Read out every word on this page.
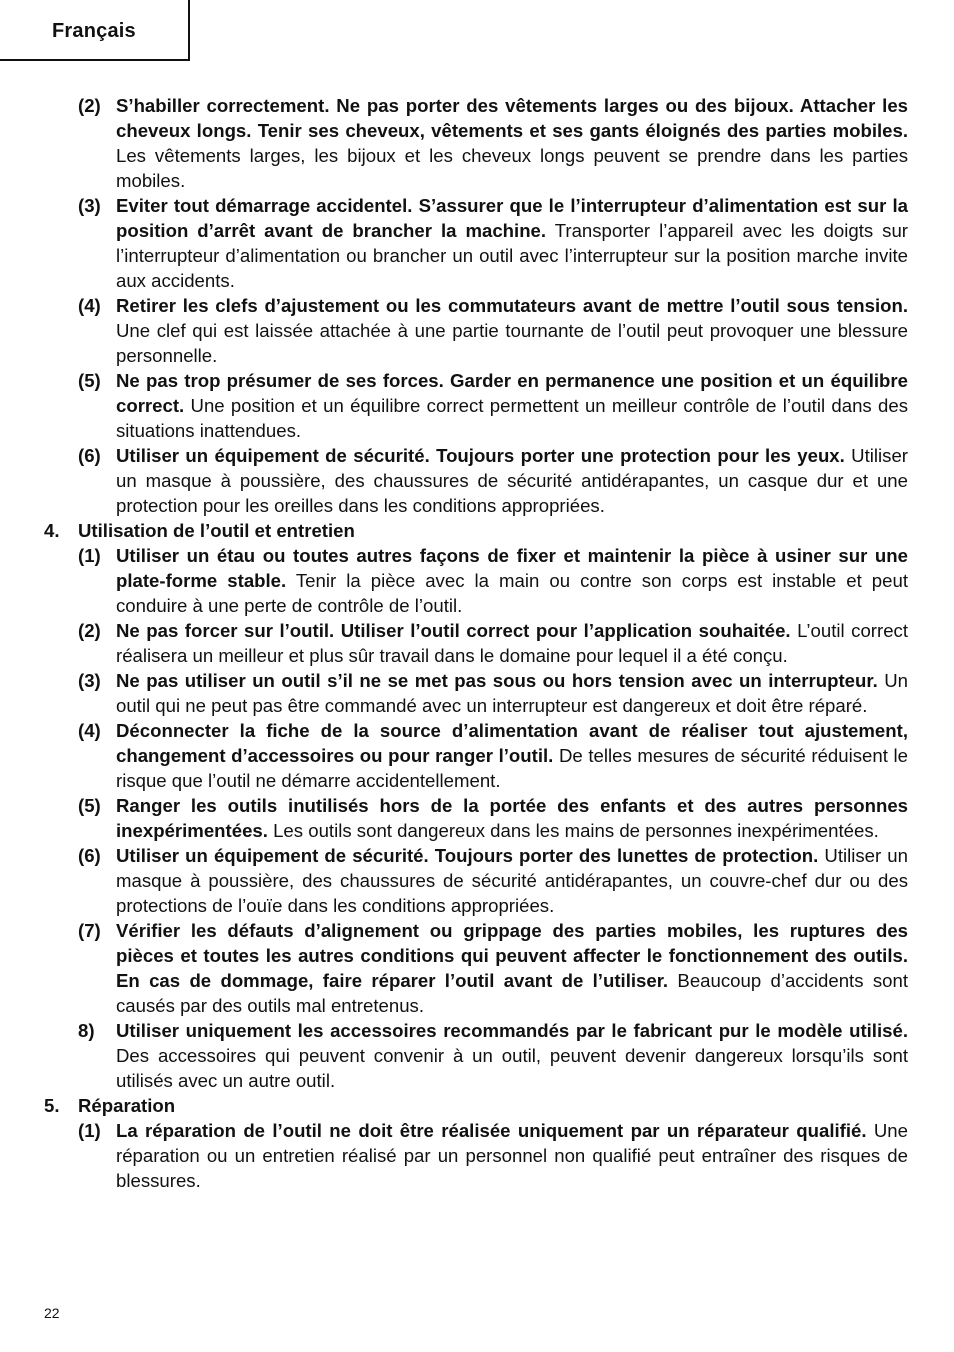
Français

(2) S’habiller correctement. Ne pas porter des vêtements larges ou des bijoux. Attacher les cheveux longs. Tenir ses cheveux, vêtements et ses gants éloignés des parties mobiles. Les vêtements larges, les bijoux et les cheveux longs peuvent se prendre dans les parties mobiles.

(3) Eviter tout démarrage accidentel. S’assurer que le l’interrupteur d’alimentation est sur la position d’arrêt avant de brancher la machine. Transporter l’appareil avec les doigts sur l’interrupteur d’alimentation ou brancher un outil avec l’interrupteur sur la position marche invite aux accidents.

(4) Retirer les clefs d’ajustement ou les commutateurs avant de mettre l’outil sous tension. Une clef qui est laissée attachée à une partie tournante de l’outil peut provoquer une blessure personnelle.

(5) Ne pas trop présumer de ses forces. Garder en permanence une position et un équilibre correct. Une position et un équilibre correct permettent un meilleur contrôle de l’outil dans des situations inattendues.

(6) Utiliser un équipement de sécurité. Toujours porter une protection pour les yeux. Utiliser un masque à poussière, des chaussures de sécurité antidérapantes, un casque dur et une protection pour les oreilles dans les conditions appropriées.

4. Utilisation de l’outil et entretien

(1) Utiliser un étau ou toutes autres façons de fixer et maintenir la pièce à usiner sur une plate-forme stable. Tenir la pièce avec la main ou contre son corps est instable et peut conduire à une perte de contrôle de l’outil.

(2) Ne pas forcer sur l’outil. Utiliser l’outil correct pour l’application souhaitée. L’outil correct réalisera un meilleur et plus sûr travail dans le domaine pour lequel il a été conçu.

(3) Ne pas utiliser un outil s’il ne se met pas sous ou hors tension avec un interrupteur. Un outil qui ne peut pas être commandé avec un interrupteur est dangereux et doit être réparé.

(4) Déconnecter la fiche de la source d’alimentation avant de réaliser tout ajustement, changement d’accessoires ou pour ranger l’outil. De telles mesures de sécurité réduisent le risque que l’outil ne démarre accidentellement.

(5) Ranger les outils inutilisés hors de la portée des enfants et des autres personnes inexpérimentées. Les outils sont dangereux dans les mains de personnes inexpérimentées.

(6) Utiliser un équipement de sécurité. Toujours porter des lunettes de protection. Utiliser un masque à poussière, des chaussures de sécurité antidérapantes, un couvre-chef dur ou des protections de l’ouïe dans les conditions appropriées.

(7) Vérifier les défauts d’alignement ou grippage des parties mobiles, les ruptures des pièces et toutes les autres conditions qui peuvent affecter le fonctionnement des outils. En cas de dommage, faire réparer l’outil avant de l’utiliser. Beaucoup d’accidents sont causés par des outils mal entretenus.

8) Utiliser uniquement les accessoires recommandés par le fabricant pur le modèle utilisé. Des accessoires qui peuvent convenir à un outil, peuvent devenir dangereux lorsqu’ils sont utilisés avec un autre outil.

5. Réparation

(1) La réparation de l’outil ne doit être réalisée uniquement par un réparateur qualifié. Une réparation ou un entretien réalisé par un personnel non qualifié peut entraîner des risques de blessures.

22
